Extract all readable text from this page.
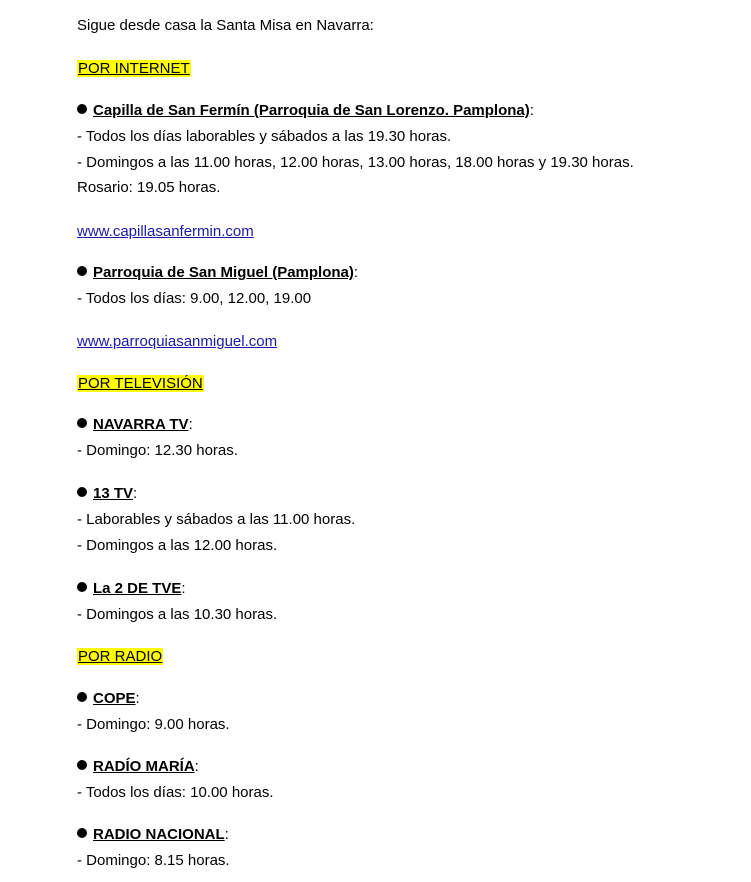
Sigue desde casa la Santa Misa en Navarra:
POR INTERNET
Capilla de San Fermín (Parroquia de San Lorenzo. Pamplona):
- Todos los días laborables y sábados a las 19.30 horas.
- Domingos a las 11.00 horas, 12.00 horas, 13.00 horas, 18.00 horas y 19.30 horas.
Rosario: 19.05 horas.
www.capillasanfermin.com
Parroquia de San Miguel (Pamplona):
- Todos los días: 9.00, 12.00, 19.00
www.parroquiasanmiguel.com
POR TELEVISIÓN
NAVARRA TV:
- Domingo: 12.30 horas.
13 TV:
- Laborables y sábados a las 11.00 horas.
- Domingos a las 12.00 horas.
La 2 DE TVE:
- Domingos a las 10.30 horas.
POR RADIO
COPE:
- Domingo: 9.00 horas.
RADÍO MARÍA:
- Todos los días: 10.00 horas.
RADIO NACIONAL:
- Domingo: 8.15 horas.
